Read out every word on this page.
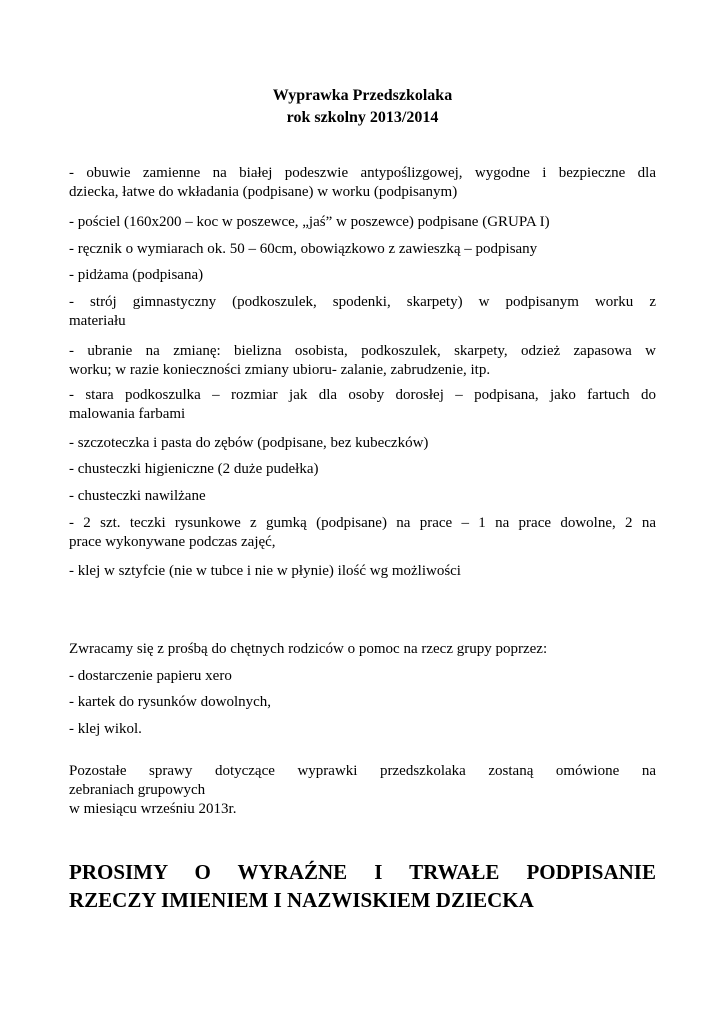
Wyprawka Przedszkolaka
rok szkolny 2013/2014
- obuwie zamienne na białej podeszwie antypoślizgowej, wygodne i bezpieczne dla
dziecka, łatwe do wkładania (podpisane) w worku (podpisanym)
- pościel (160x200 – koc w poszewce, „jaś” w poszewce) podpisane (GRUPA I)
- ręcznik o wymiarach ok. 50 – 60cm, obowiązkowo z zawieszką – podpisany
- pidżama (podpisana)
- strój gimnastyczny (podkoszulek, spodenki, skarpety) w podpisanym worku z
materiału
- ubranie na zmianę: bielizna osobista, podkoszulek, skarpety, odzież zapasowa w
worku; w razie konieczności zmiany ubioru- zalanie, zabrudzenie, itp.
- stara podkoszulka – rozmiar jak dla osoby dorosłej – podpisana, jako fartuch do
malowania farbami
- szczoteczka i pasta do zębów (podpisane, bez kubeczków)
- chusteczki higieniczne (2 duże pudełka)
- chusteczki nawilżane
- 2 szt. teczki rysunkowe z gumką (podpisane) na prace – 1 na prace dowolne, 2 na
prace wykonywane podczas zajęć,
- klej w sztyfcie (nie w tubce i nie w płynie) ilość wg możliwości
Zwracamy się z prośbą do chętnych rodziców o pomoc na rzecz grupy poprzez:
- dostarczenie papieru xero
- kartek do rysunków dowolnych,
- klej wikol.
Pozostałe sprawy dotyczące wyprawki przedszkolaka zostaną omówione na
zebraniach grupowych
w miesiącu wrześniu 2013r.
PROSIMY O WYRAŹNE I TRWAŁE PODPISANIE
RZECZY IMIENIEM I NAZWISKIEM DZIECKA
